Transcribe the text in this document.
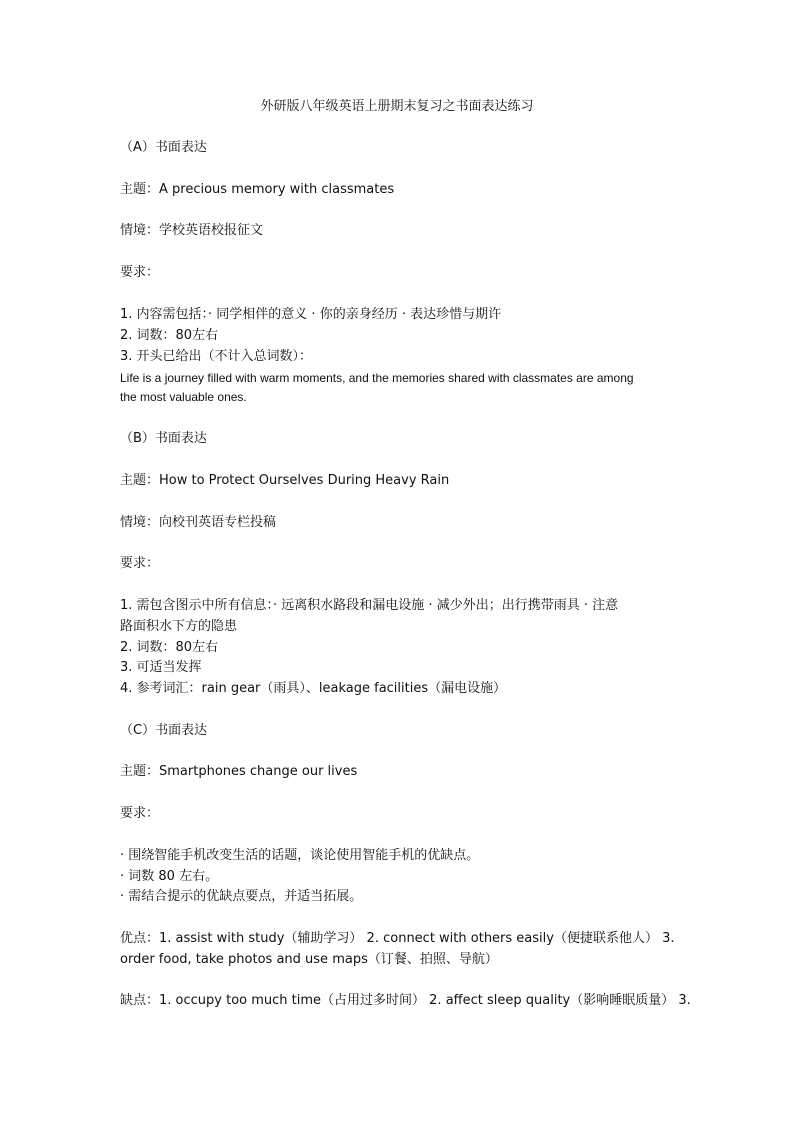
外研版八年级英语上册期末复习之书面表达练习
（A）书面表达
主题：A precious memory with classmates
情境：学校英语校报征文
要求：
1. 内容需包括：· 同学相伴的意义 · 你的亲身经历 · 表达珍惜与期许
2. 词数：80左右
3. 开头已给出（不计入总词数）：
Life is a journey filled with warm moments, and the memories shared with classmates are among
the most valuable ones.
（B）书面表达
主题：How to Protect Ourselves During Heavy Rain
情境：向校刊英语专栏投稿
要求：
1. 需包含图示中所有信息：· 远离积水路段和漏电设施 · 减少外出；出行携带雨具 · 注意
路面积水下方的隐患
2. 词数：80左右
3. 可适当发挥
4. 参考词汇：rain gear（雨具）、leakage facilities（漏电设施）
（C）书面表达
主题：Smartphones change our lives
要求：
· 围绕智能手机改变生活的话题，谈论使用智能手机的优缺点。
· 词数 80 左右。
· 需结合提示的优缺点要点，并适当拓展。
优点：1. assist with study（辅助学习） 2. connect with others easily（便捷联系他人） 3.
order food, take photos and use maps（订餐、拍照、导航）
缺点：1. occupy too much time（占用过多时间） 2. affect sleep quality（影响睡眠质量） 3.
